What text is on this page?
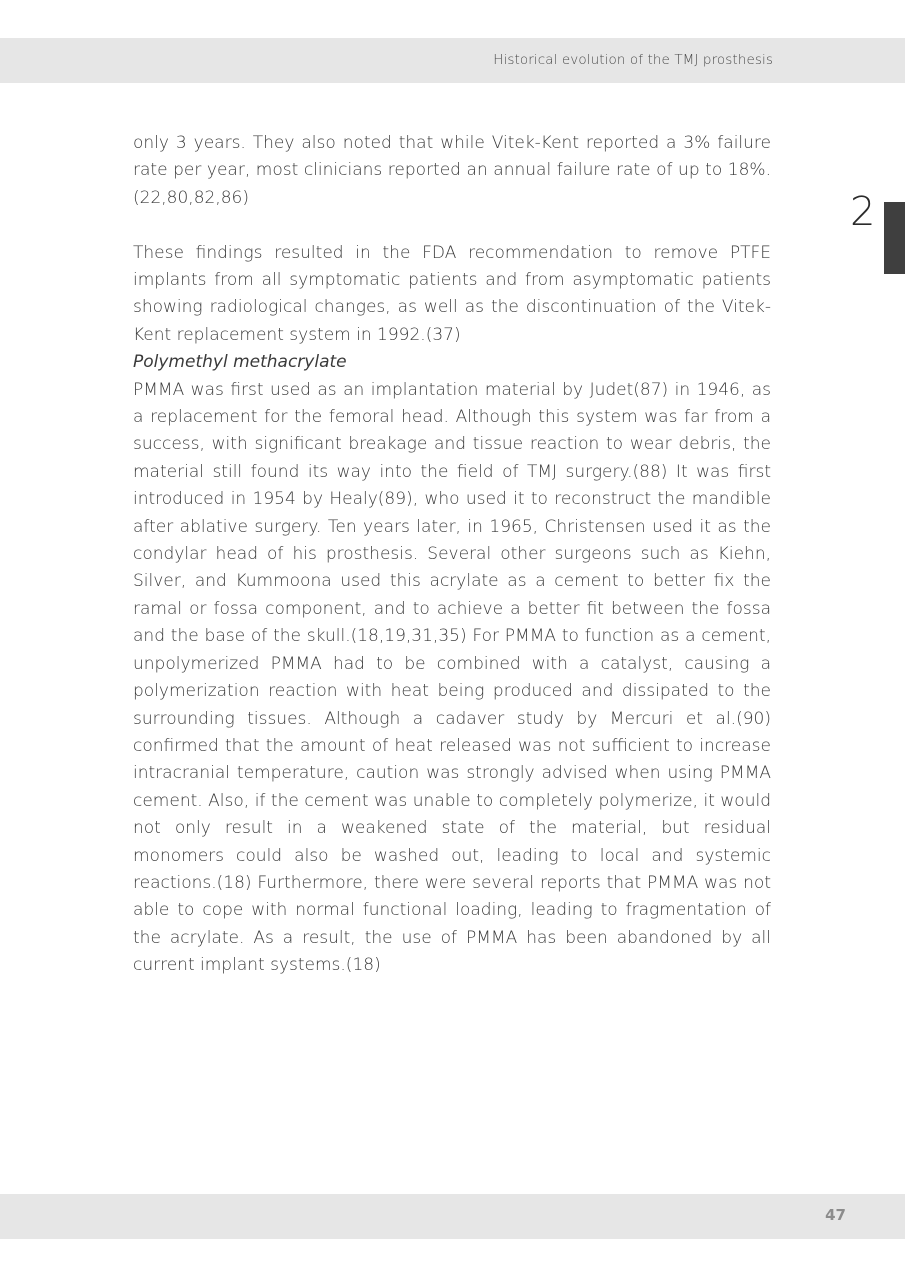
Historical evolution of the TMJ prosthesis
2

only 3 years. They also noted that while Vitek-Kent reported a 3% failure rate per year, most clinicians reported an annual failure rate of up to 18%. (22,80,82,86)

These findings resulted in the FDA recommendation to remove PTFE implants from all symptomatic patients and from asymptomatic patients showing radiological changes, as well as the discontinuation of the Vitek-Kent replacement system in 1992.(37)

Polymethyl methacrylate

PMMA was first used as an implantation material by Judet(87) in 1946, as a replacement for the femoral head. Although this system was far from a success, with significant breakage and tissue reaction to wear debris, the material still found its way into the field of TMJ surgery.(88) It was first introduced in 1954 by Healy(89), who used it to reconstruct the mandible after ablative surgery. Ten years later, in 1965, Christensen used it as the condylar head of his prosthesis. Several other surgeons such as Kiehn, Silver, and Kummoona used this acrylate as a cement to better fix the ramal or fossa component, and to achieve a better fit between the fossa and the base of the skull.(18,19,31,35) For PMMA to function as a cement, unpolymerized PMMA had to be combined with a catalyst, causing a polymerization reaction with heat being produced and dissipated to the surrounding tissues. Although a cadaver study by Mercuri et al.(90) confirmed that the amount of heat released was not sufficient to increase intracranial temperature, caution was strongly advised when using PMMA cement. Also, if the cement was unable to completely polymerize, it would not only result in a weakened state of the material, but residual monomers could also be washed out, leading to local and systemic reactions.(18) Furthermore, there were several reports that PMMA was not able to cope with normal functional loading, leading to fragmentation of the acrylate. As a result, the use of PMMA has been abandoned by all current implant systems.(18)

47
